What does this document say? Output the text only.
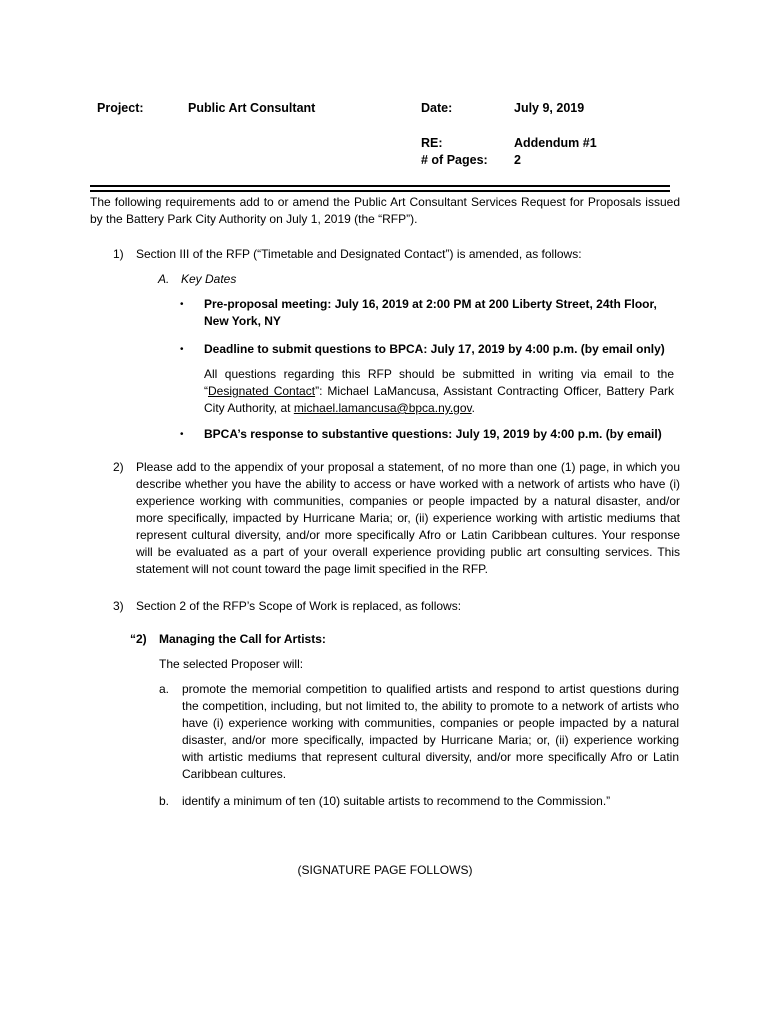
Project:	Public Art Consultant	Date:	July 9, 2019
RE:	Addendum #1
# of Pages: 2
The following requirements add to or amend the Public Art Consultant Services Request for Proposals issued by the Battery Park City Authority on July 1, 2019 (the “RFP”).
1) Section III of the RFP (“Timetable and Designated Contact”) is amended, as follows:
A. Key Dates
• Pre-proposal meeting: July 16, 2019 at 2:00 PM at 200 Liberty Street, 24th Floor,
New York, NY
• Deadline to submit questions to BPCA: July 17, 2019 by 4:00 p.m. (by email only)
All questions regarding this RFP should be submitted in writing via email to the “Designated Contact”: Michael LaMancusa, Assistant Contracting Officer, Battery Park City Authority, at michael.lamancusa@bpca.ny.gov.
• BPCA’s response to substantive questions: July 19, 2019 by 4:00 p.m. (by email)
2) Please add to the appendix of your proposal a statement, of no more than one (1) page, in which you describe whether you have the ability to access or have worked with a network of artists who have (i) experience working with communities, companies or people impacted by a natural disaster, and/or more specifically, impacted by Hurricane Maria; or, (ii) experience working with artistic mediums that represent cultural diversity, and/or more specifically Afro or Latin Caribbean cultures. Your response will be evaluated as a part of your overall experience providing public art consulting services. This statement will not count toward the page limit specified in the RFP.
3) Section 2 of the RFP’s Scope of Work is replaced, as follows:
“2) Managing the Call for Artists:
The selected Proposer will:
a. promote the memorial competition to qualified artists and respond to artist questions during the competition, including, but not limited to, the ability to promote to a network of artists who have (i) experience working with communities, companies or people impacted by a natural disaster, and/or more specifically, impacted by Hurricane Maria; or, (ii) experience working with artistic mediums that represent cultural diversity, and/or more specifically Afro or Latin Caribbean cultures.
b. identify a minimum of ten (10) suitable artists to recommend to the Commission.”
(SIGNATURE PAGE FOLLOWS)
